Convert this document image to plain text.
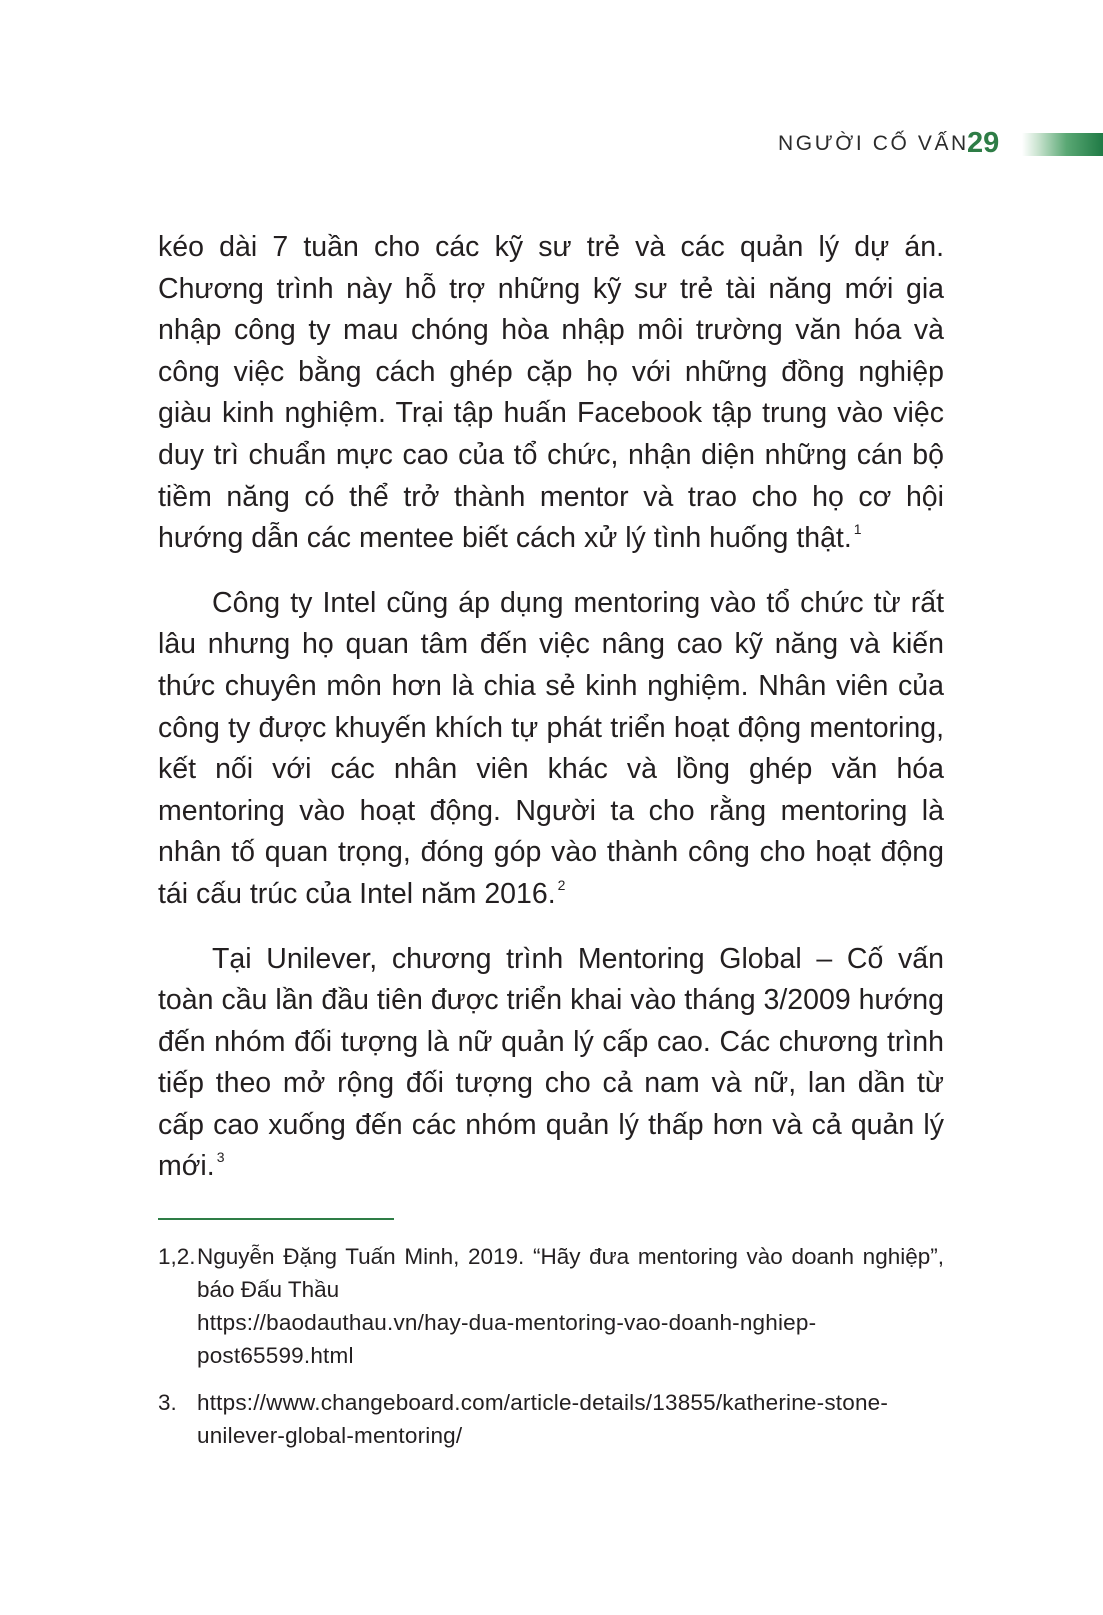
NGƯỜI CỐ VẤN
29

kéo dài 7 tuần cho các kỹ sư trẻ và các quản lý dự án. Chương trình này hỗ trợ những kỹ sư trẻ tài năng mới gia nhập công ty mau chóng hòa nhập môi trường văn hóa và công việc bằng cách ghép cặp họ với những đồng nghiệp giàu kinh nghiệm. Trại tập huấn Facebook tập trung vào việc duy trì chuẩn mực cao của tổ chức, nhận diện những cán bộ tiềm năng có thể trở thành mentor và trao cho họ cơ hội hướng dẫn các mentee biết cách xử lý tình huống thật. $^1$

Công ty Intel cũng áp dụng mentoring vào tổ chức từ rất lâu nhưng họ quan tâm đến việc nâng cao kỹ năng và kiến thức chuyên môn hơn là chia sẻ kinh nghiệm. Nhân viên của công ty được khuyến khích tự phát triển hoạt động mentoring, kết nối với các nhân viên khác và lồng ghép văn hóa mentoring vào hoạt động. Người ta cho rằng mentoring là nhân tố quan trọng, đóng góp vào thành công cho hoạt động tái cấu trúc của Intel năm 2016. $^2$

Tại Unilever, chương trình Mentoring Global – Cố vấn toàn cầu lần đầu tiên được triển khai vào tháng 3/2009 hướng đến nhóm đối tượng là nữ quản lý cấp cao. Các chương trình tiếp theo mở rộng đối tượng cho cả nam và nữ, lan dần từ cấp cao xuống đến các nhóm quản lý thấp hơn và cả quản lý mới. $^3$

1,2. Nguyễn Đặng Tuấn Minh, 2019. “Hãy đưa mentoring vào doanh nghiệp”, báo Đấu Thầu
https://baodauthau.vn/hay-dua-mentoring-vao-doanh-nghiep-post65599.html
3. https://www.changeboard.com/article-details/13855/katherine-stone-unilever-global-mentoring/
